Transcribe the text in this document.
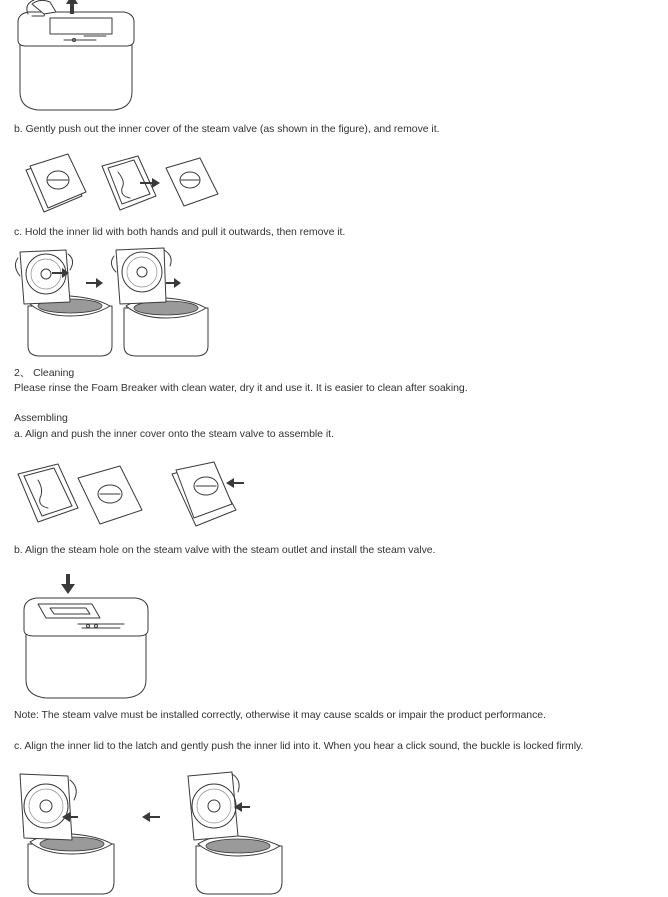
b. Gently push out the inner cover of the steam valve (as shown in the figure), and remove it.
c. Hold the inner lid with both hands and pull it outwards, then remove it.
2、 Cleaning
Please rinse the Foam Breaker with clean water, dry it and use it. It is easier to clean after soaking.
Assembling
a. Align and push the inner cover onto the steam valve to assemble it.
b. Align the steam hole on the steam valve with the steam outlet and install the steam valve.
Note: The steam valve must be installed correctly, otherwise it may cause scalds or impair the product performance.
c. Align the inner lid to the latch and gently push the inner lid into it. When you hear a click sound, the buckle is locked firmly.
